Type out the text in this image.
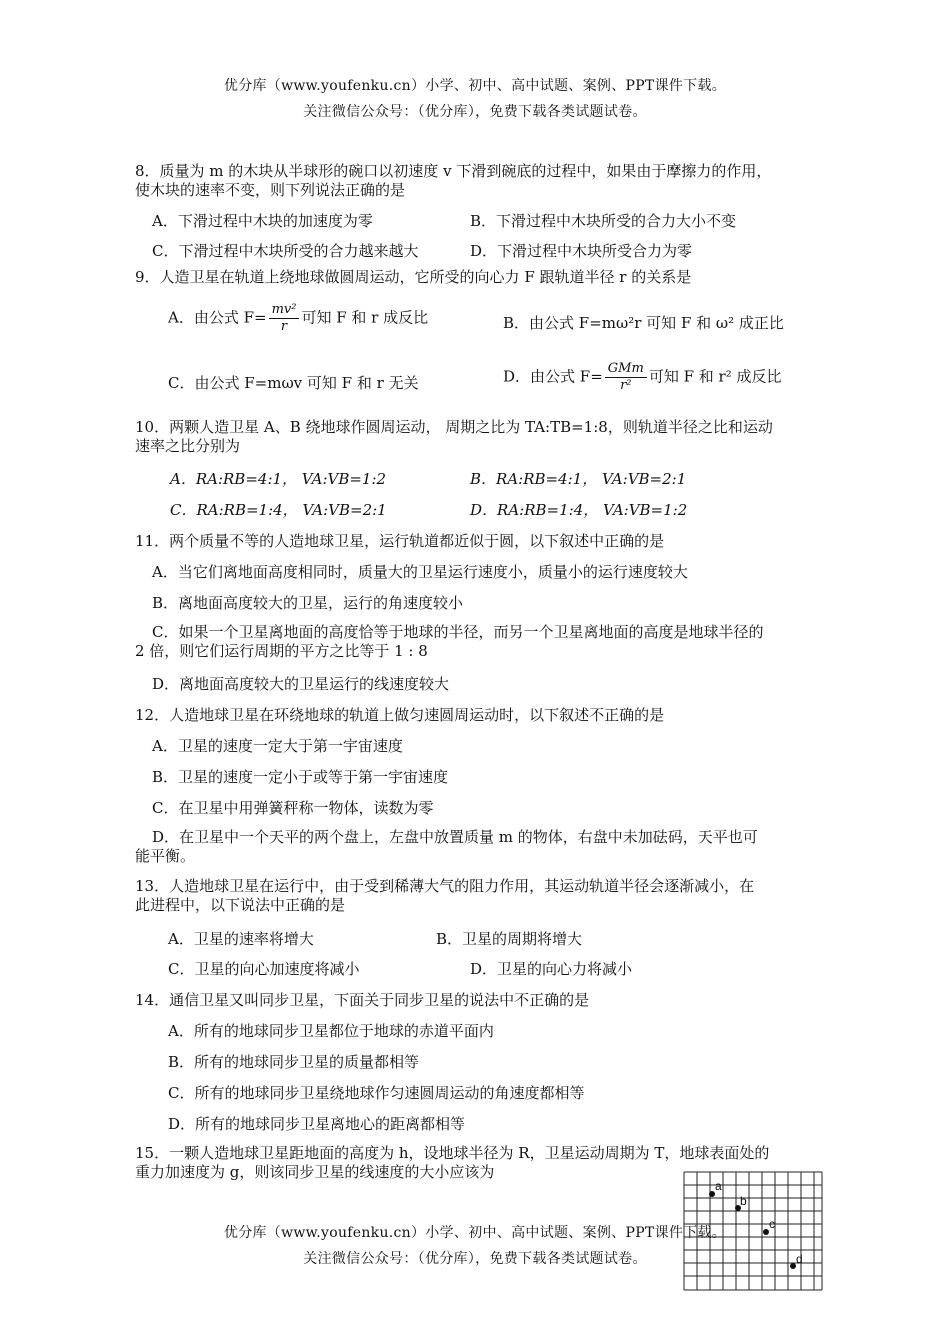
优分库（www.youfenku.cn）小学、初中、高中试题、案例、PPT课件下载。
关注微信公众号：（优分库），免费下载各类试题试卷。
8．质量为 m 的木块从半球形的碗口以初速度 v 下滑到碗底的过程中，如果由于摩擦力的作用，
使木块的速率不变，则下列说法正确的是
A．下滑过程中木块的加速度为零	B．下滑过程中木块所受的合力大小不变
C．下滑过程中木块所受的合力越来越大	D．下滑过程中木块所受合力为零
9．人造卫星在轨道上绕地球做圆周运动，它所受的向心力 F 跟轨道半径 r 的关系是
A．由公式 $F= \frac{\text{mv²}}{r}$ 可知 F 和 r 成反比	B．由公式 F=mω²r 可知 F 和 ω² 成正比
C．由公式 F=mωv 可知 F 和 r 无关	D．由公式 $F= \frac{\text{GMm}}{\text{r²}}$ 可知 F 和 r² 成反比
10．两颗人造卫星 A、B 绕地球作圆周运动， 周期之比为 TA:TB=1:8，则轨道半径之比和运动
速率之比分别为
A．RA:RB=4:1， VA:VB=1:2	B．RA:RB=4:1， VA:VB=2:1
C．RA:RB=1:4， VA:VB=2:1	D．RA:RB=1:4， VA:VB=1:2
11．两个质量不等的人造地球卫星，运行轨道都近似于圆，以下叙述中正确的是
A．当它们离地面高度相同时，质量大的卫星运行速度小，质量小的运行速度较大
B．离地面高度较大的卫星，运行的角速度较小
C．如果一个卫星离地面的高度恰等于地球的半径，而另一个卫星离地面的高度是地球半径的
2 倍，则它们运行周期的平方之比等于 1 : 8
D．离地面高度较大的卫星运行的线速度较大
12．人造地球卫星在环绕地球的轨道上做匀速圆周运动时，以下叙述不正确的是
A．卫星的速度一定大于第一宇宙速度
B．卫星的速度一定小于或等于第一宇宙速度
C．在卫星中用弹簧秤称一物体，读数为零
D．在卫星中一个天平的两个盘上，左盘中放置质量 m 的物体，右盘中未加砝码，天平也可
能平衡。
13．人造地球卫星在运行中，由于受到稀薄大气的阻力作用，其运动轨道半径会逐渐减小，在
此进程中，以下说法中正确的是
A．卫星的速率将增大	B．卫星的周期将增大
C．卫星的向心加速度将减小	D．卫星的向心力将减小
14．通信卫星又叫同步卫星，下面关于同步卫星的说法中不正确的是
A．所有的地球同步卫星都位于地球的赤道平面内
B．所有的地球同步卫星的质量都相等
C．所有的地球同步卫星绕地球作匀速圆周运动的角速度都相等
D．所有的地球同步卫星离地心的距离都相等
15．一颗人造地球卫星距地面的高度为 h，设地球半径为 R，卫星运动周期为 T，地球表面处的
重力加速度为 g，则该同步卫星的线速度的大小应该为
a
b
c
d
优分库（www.youfenku.cn）小学、初中、高中试题、案例、PPT课件下载。
关注微信公众号：（优分库），免费下载各类试题试卷。
